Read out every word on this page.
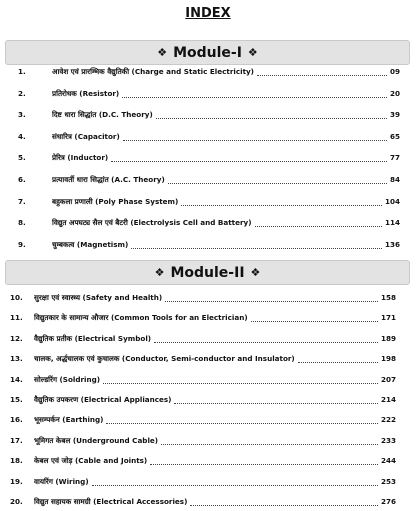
INDEX
❖ Module-I ❖
1.	आवेश एवं प्रारम्भिक वैद्युतिकी (Charge and Static Electricity)	09
2.	प्रतिरोधक (Resistor)	20
3.	दिष्ट धारा सिद्धांत (D.C. Theory)	39
4.	संधारित्र (Capacitor)	65
5.	प्रेरित्र (Inductor)	77
6.	प्रत्यावर्ती धारा सिद्धांत (A.C. Theory)	84
7.	बहुकला प्रणाली (Poly Phase System)	104
8.	विद्युत अपघट्य सैल एवं बैटरी (Electrolysis Cell and Battery)	114
9.	चुम्बकत्व (Magnetism)	136
❖ Module-II ❖
10.	सुरक्षा एवं स्वास्थ्य (Safety and Health)	158
11.	विद्युतकार के सामान्य औजार (Common Tools for an Electrician)	171
12.	वैद्युतिक प्रतीक (Electrical Symbol)	189
13.	चालक, अर्द्धचालक एवं कुचालक (Conductor, Semi-conductor and Insulator)	198
14.	सोल्डरिंग (Soldring)	207
15.	वैद्युतिक उपकरण (Electrical Appliances)	214
16.	भूसम्पर्कन (Earthing)	222
17.	भूमिगत केबल (Underground Cable)	233
18.	केबल एवं जोड़ (Cable and Joints)	244
19.	वायरिंग (Wiring)	253
20.	विद्युत सहायक सामग्री (Electrical Accessories)	276
